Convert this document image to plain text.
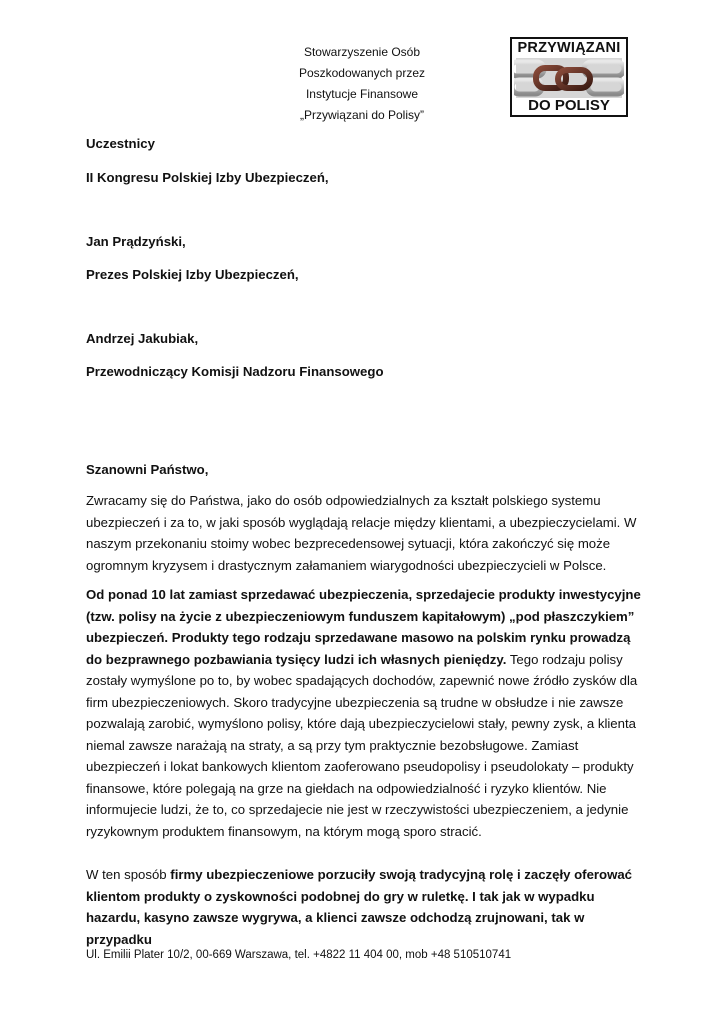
Stowarzyszenie Osób
Poszkodowanych przez
Instytucje Finansowe
„Przywiązani do Polisy”
PRZYWIĄZANI
DO POLISY
Uczestnicy
II Kongresu Polskiej Izby Ubezpieczeń,
Jan Prądzyński,
Prezes Polskiej Izby Ubezpieczeń,
Andrzej Jakubiak,
Przewodniczący Komisji Nadzoru Finansowego
Szanowni Państwo,
Zwracamy się do Państwa, jako do osób odpowiedzialnych za kształt polskiego systemu ubezpieczeń i za to, w jaki sposób wyglądają relacje między klientami, a ubezpieczycielami. W naszym przekonaniu stoimy wobec bezprecedensowej sytuacji, która zakończyć się może ogromnym kryzysem i drastycznym załamaniem wiarygodności ubezpieczycieli w Polsce.
Od ponad 10 lat zamiast sprzedawać ubezpieczenia, sprzedajecie produkty inwestycyjne (tzw. polisy na życie z ubezpieczeniowym funduszem kapitałowym) „pod płaszczykiem” ubezpieczeń. Produkty tego rodzaju sprzedawane masowo na polskim rynku prowadzą do bezprawnego pozbawiania tysięcy ludzi ich własnych pieniędzy. Tego rodzaju polisy zostały wymyślone po to, by wobec spadających dochodów, zapewnić nowe źródło zysków dla firm ubezpieczeniowych. Skoro tradycyjne ubezpieczenia są trudne w obsłudze i nie zawsze pozwalają zarobić, wymyślono polisy, które dają ubezpieczycielowi stały, pewny zysk, a klienta niemal zawsze narażają na straty, a są przy tym praktycznie bezobsługowe. Zamiast ubezpieczeń i lokat bankowych klientom zaoferowano pseudopolisy i pseudolokaty – produkty finansowe, które polegają na grze na giełdach na odpowiedzialność i ryzyko klientów. Nie informujecie ludzi, że to, co sprzedajecie nie jest w rzeczywistości ubezpieczeniem, a jedynie ryzykownym produktem finansowym, na którym mogą sporo stracić.
W ten sposób firmy ubezpieczeniowe porzuciły swoją tradycyjną rolę i zaczęły oferować klientom produkty o zyskowności podobnej do gry w ruletkę. I tak jak w wypadku hazardu, kasyno zawsze wygrywa, a klienci zawsze odchodzą zrujnowani, tak w przypadku
Ul. Emilii Plater 10/2, 00-669 Warszawa, tel. +4822 11 404 00, mob +48 510510741
